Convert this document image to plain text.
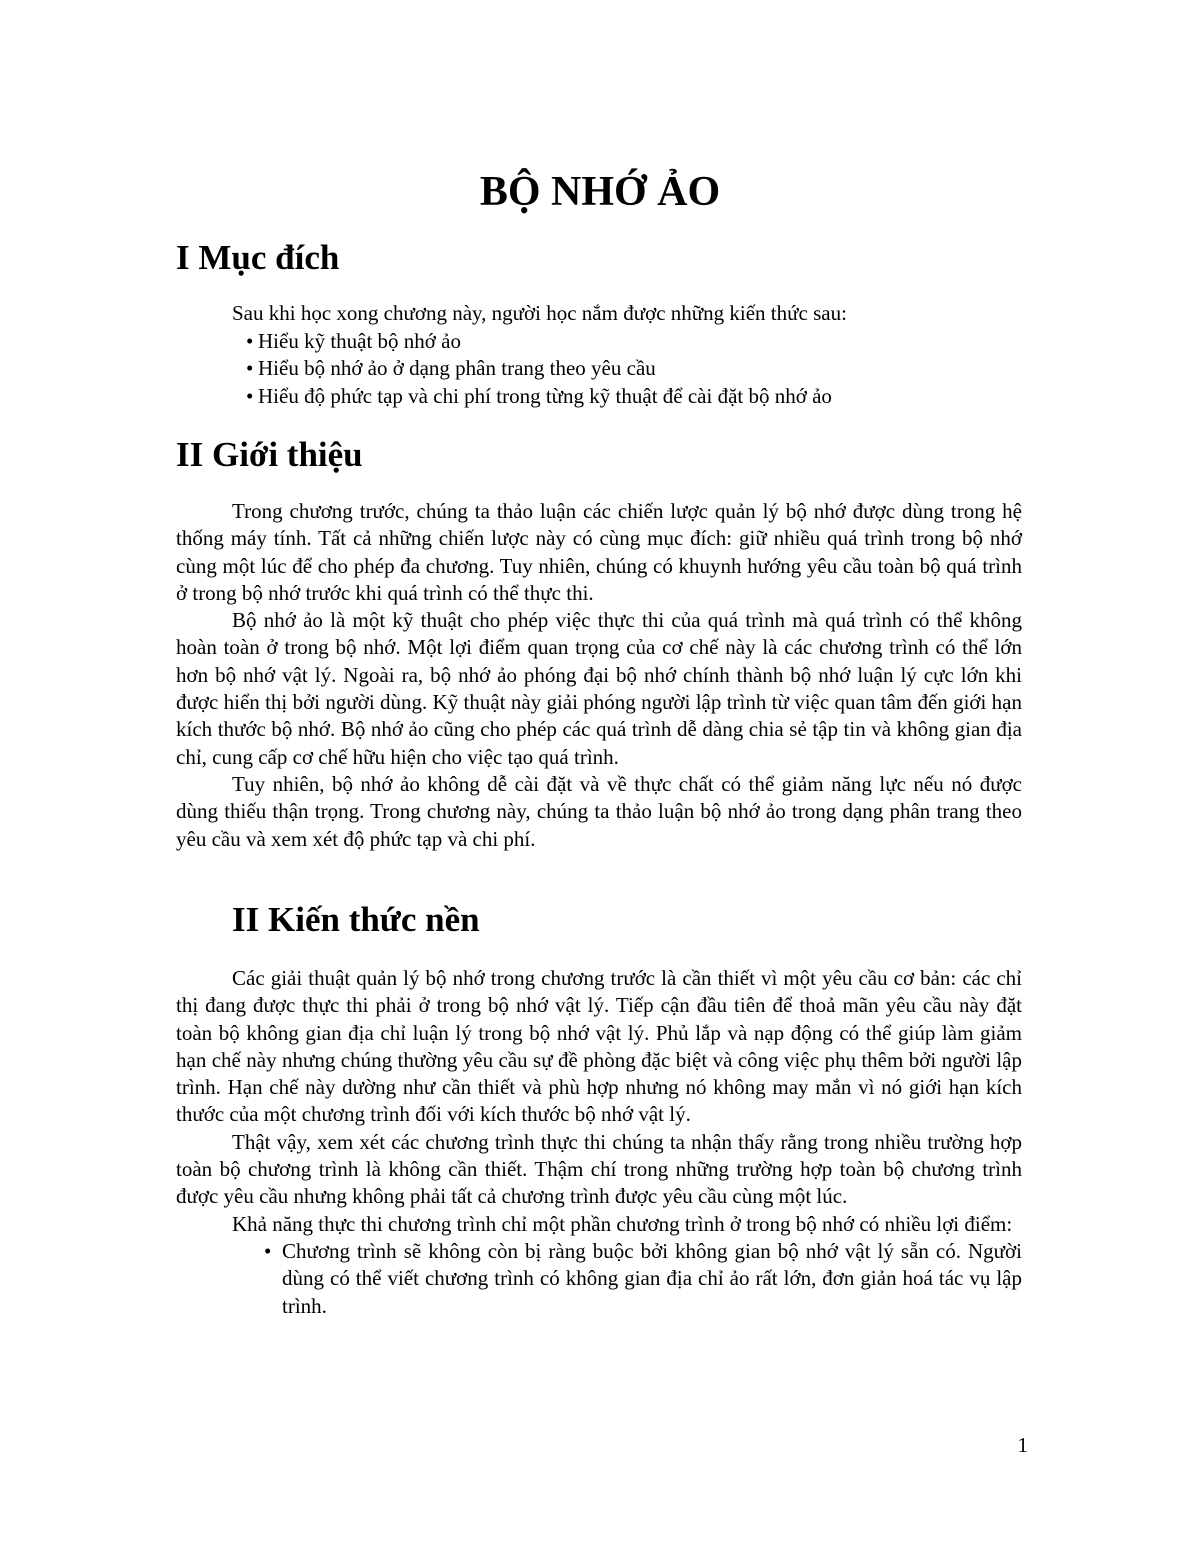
BỘ NHỚ ẢO
I Mục đích

Sau khi học xong chương này, người học nắm được những kiến thức sau:

• Hiểu kỹ thuật bộ nhớ ảo
• Hiểu bộ nhớ ảo ở dạng phân trang theo yêu cầu
• Hiểu độ phức tạp và chi phí trong từng kỹ thuật để cài đặt bộ nhớ ảo
II Giới thiệu

Trong chương trước, chúng ta thảo luận các chiến lược quản lý bộ nhớ được dùng trong hệ thống máy tính. Tất cả những chiến lược này có cùng mục đích: giữ nhiều quá trình trong bộ nhớ cùng một lúc để cho phép đa chương. Tuy nhiên, chúng có khuynh hướng yêu cầu toàn bộ quá trình ở trong bộ nhớ trước khi quá trình có thể thực thi.

Bộ nhớ ảo là một kỹ thuật cho phép việc thực thi của quá trình mà quá trình có thể không hoàn toàn ở trong bộ nhớ. Một lợi điểm quan trọng của cơ chế này là các chương trình có thể lớn hơn bộ nhớ vật lý. Ngoài ra, bộ nhớ ảo phóng đại bộ nhớ chính thành bộ nhớ luận lý cực lớn khi được hiển thị bởi người dùng. Kỹ thuật này giải phóng người lập trình từ việc quan tâm đến giới hạn kích thước bộ nhớ. Bộ nhớ ảo cũng cho phép các quá trình dễ dàng chia sẻ tập tin và không gian địa chỉ, cung cấp cơ chế hữu hiện cho việc tạo quá trình.

Tuy nhiên, bộ nhớ ảo không dễ cài đặt và về thực chất có thể giảm năng lực nếu nó được dùng thiếu thận trọng. Trong chương này, chúng ta thảo luận bộ nhớ ảo trong dạng phân trang theo yêu cầu và xem xét độ phức tạp và chi phí.

II Kiến thức nền

Các giải thuật quản lý bộ nhớ trong chương trước là cần thiết vì một yêu cầu cơ bản: các chỉ thị đang được thực thi phải ở trong bộ nhớ vật lý. Tiếp cận đầu tiên để thoả mãn yêu cầu này đặt toàn bộ không gian địa chỉ luận lý trong bộ nhớ vật lý. Phủ lắp và nạp động có thể giúp làm giảm hạn chế này nhưng chúng thường yêu cầu sự đề phòng đặc biệt và công việc phụ thêm bởi người lập trình. Hạn chế này dường như cần thiết và phù hợp nhưng nó không may mắn vì nó giới hạn kích thước của một chương trình đối với kích thước bộ nhớ vật lý.

Thật vậy, xem xét các chương trình thực thi chúng ta nhận thấy rằng trong nhiều trường hợp toàn bộ chương trình là không cần thiết. Thậm chí trong những trường hợp toàn bộ chương trình được yêu cầu nhưng không phải tất cả chương trình được yêu cầu cùng một lúc.

Khả năng thực thi chương trình chỉ một phần chương trình ở trong bộ nhớ có nhiều lợi điểm:

• Chương trình sẽ không còn bị ràng buộc bởi không gian bộ nhớ vật lý sẵn có. Người dùng có thể viết chương trình có không gian địa chỉ ảo rất lớn, đơn giản hoá tác vụ lập trình.
1
